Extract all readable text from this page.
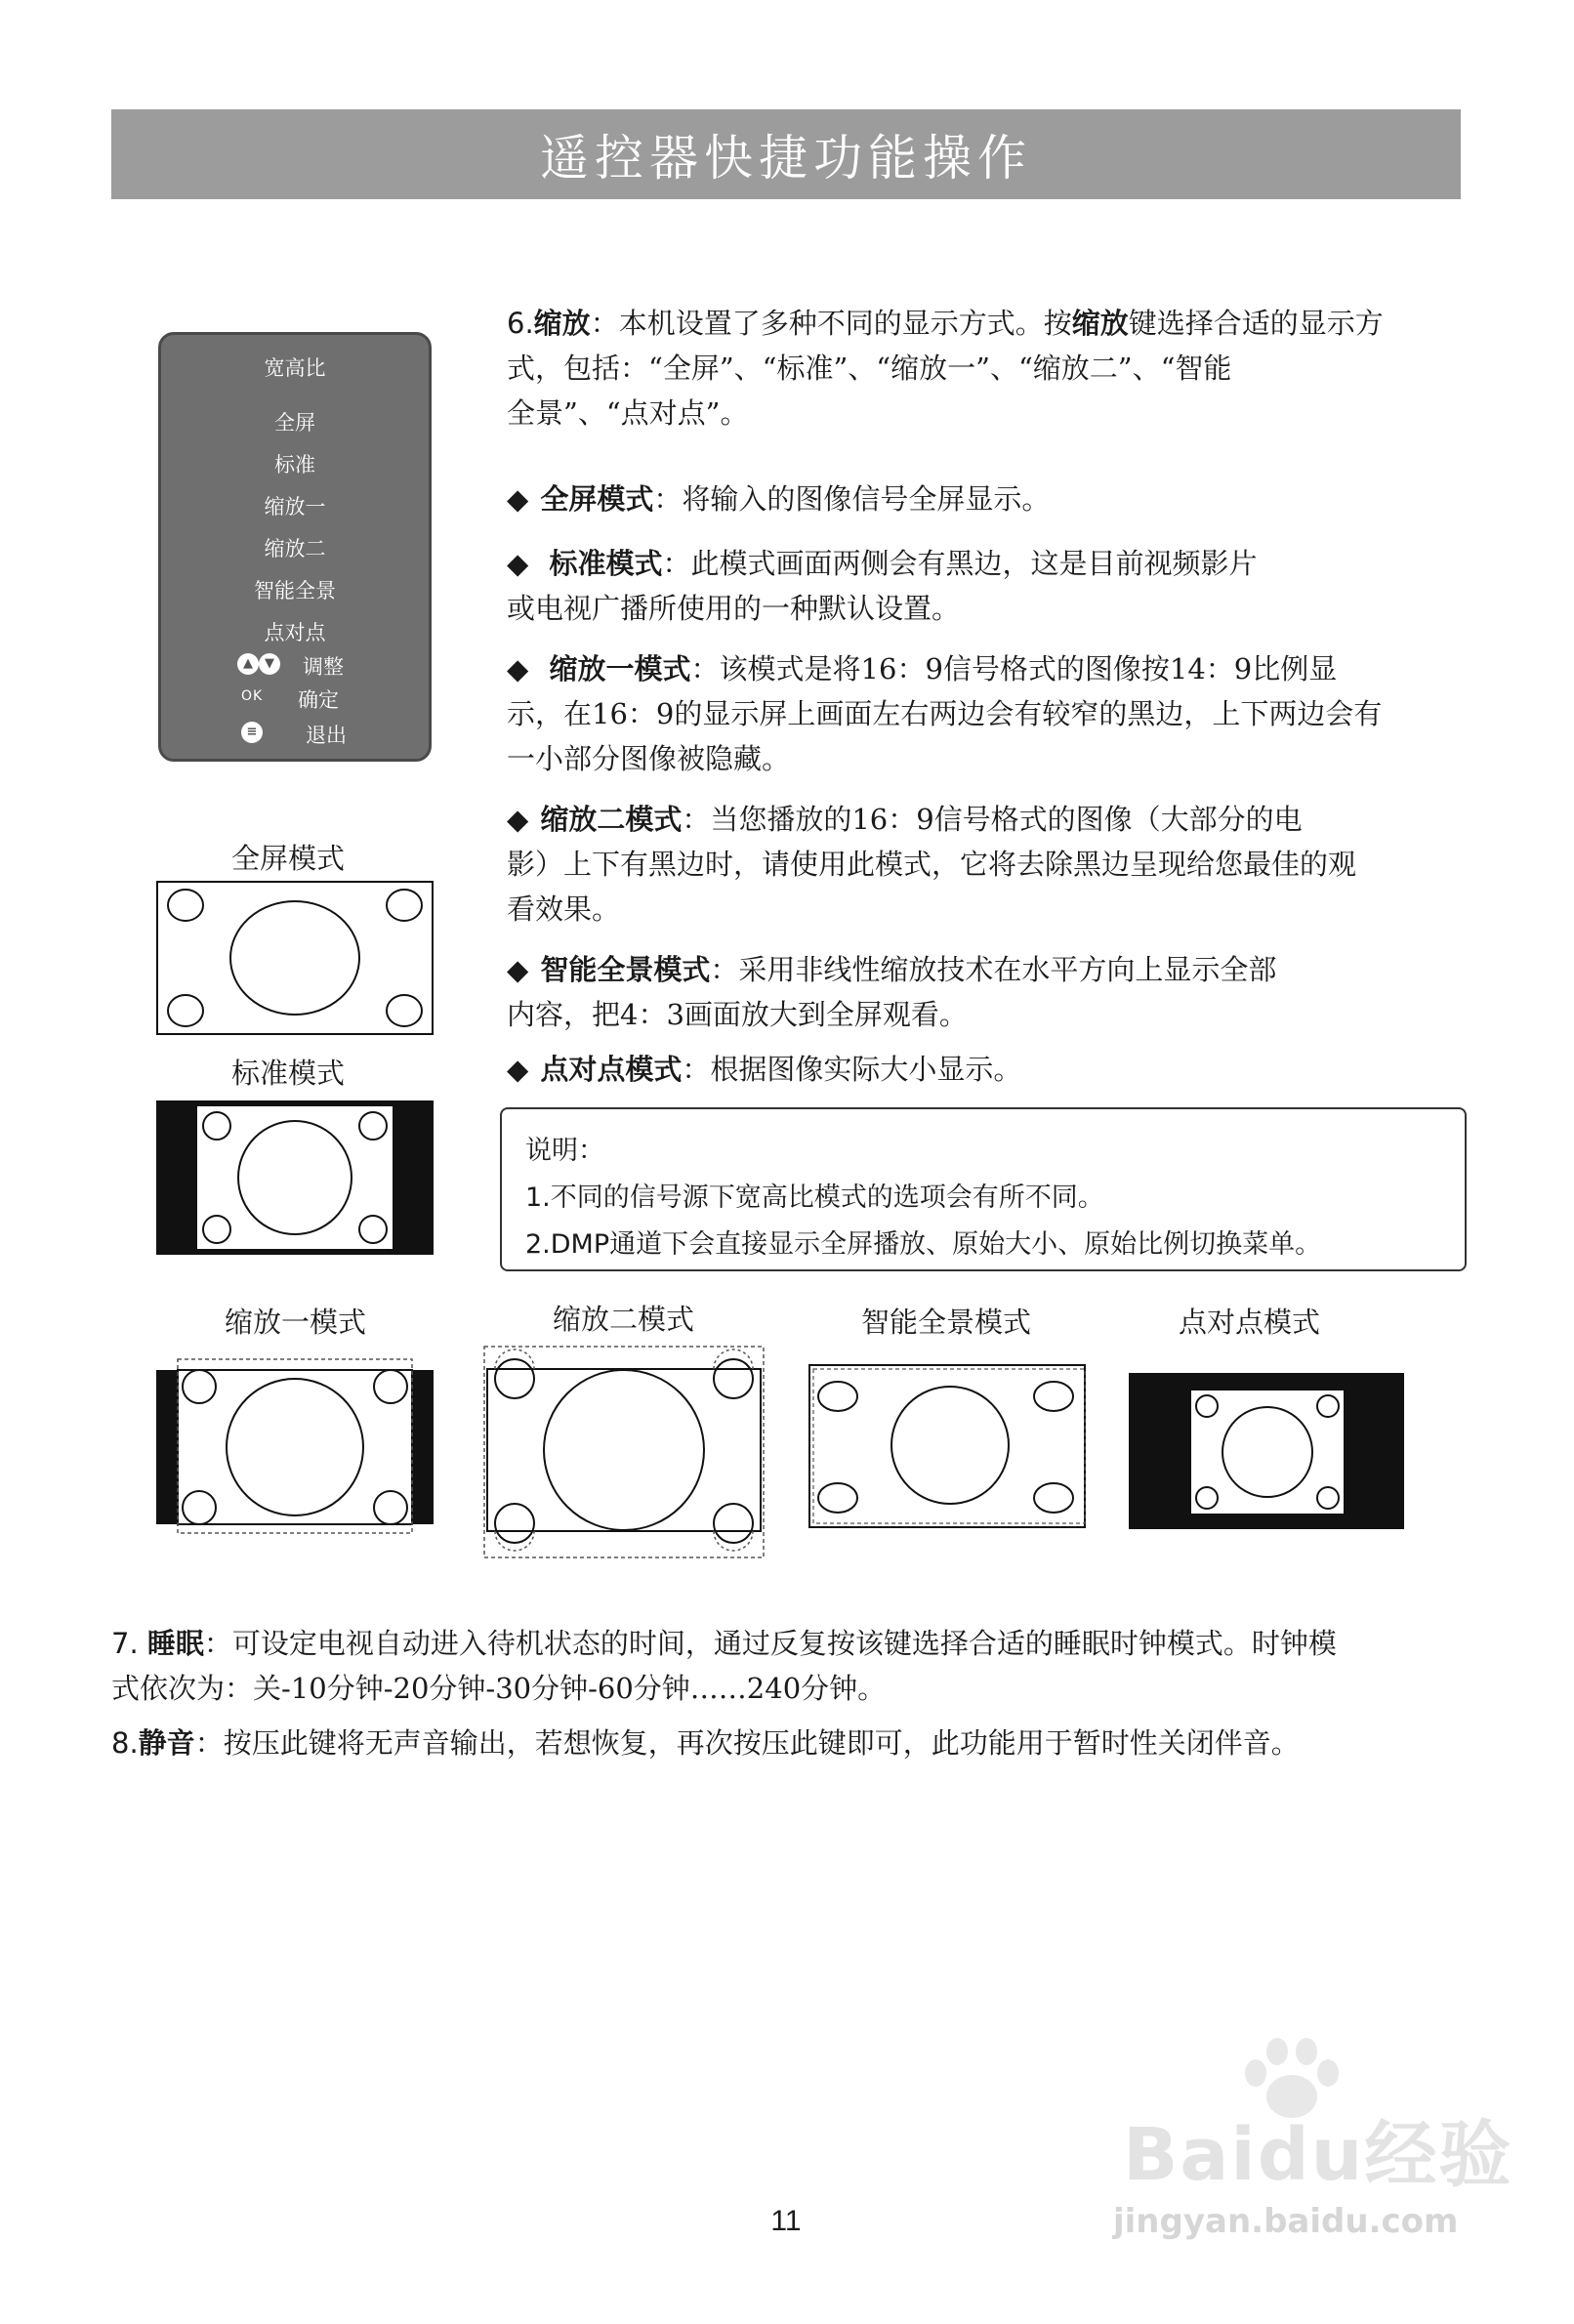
遥控器快捷功能操作

6.缩放：本机设置了多种不同的显示方式。按缩放键选择合适的显示方
式，包括：“全屏”、“标准”、“缩放一”、“缩放二”、“智能
全景”、“点对点”。

◆ 全屏模式：将输入的图像信号全屏显示。

◆ 标准模式：此模式画面两侧会有黑边，这是目前视频影片
或电视广播所使用的一种默认设置。

◆ 缩放一模式：该模式是将16：9信号格式的图像按14：9比例显
示，在16：9的显示屏上画面左右两边会有较窄的黑边，上下两边会有
一小部分图像被隐藏。

◆ 缩放二模式：当您播放的16：9信号格式的图像（大部分的电
影）上下有黑边时，请使用此模式，它将去除黑边呈现给您最佳的观
看效果。

◆ 智能全景模式：采用非线性缩放技术在水平方向上显示全部
内容，把4：3画面放大到全屏观看。

◆ 点对点模式：根据图像实际大小显示。

宽高比
全屏
标准
缩放一
缩放二
智能全景
点对点
▲ ▼ 调整
OK 确定
≡ 退出
全屏模式
标准模式
缩放一模式	缩放二模式	智能全景模式	点对点模式
说明：
1.不同的信号源下宽高比模式的选项会有所不同。
2.DMP通道下会直接显示全屏播放、原始大小、原始比例切换菜单。

7. 睡眠：可设定电视自动进入待机状态的时间，通过反复按该键选择合适的睡眠时钟模式。时钟模
式依次为：关-10分钟-20分钟-30分钟-60分钟……240分钟。

8.静音：按压此键将无声音输出，若想恢复，再次按压此键即可，此功能用于暂时性关闭伴音。

Baidu经验
jingyan.baidu.com
11
